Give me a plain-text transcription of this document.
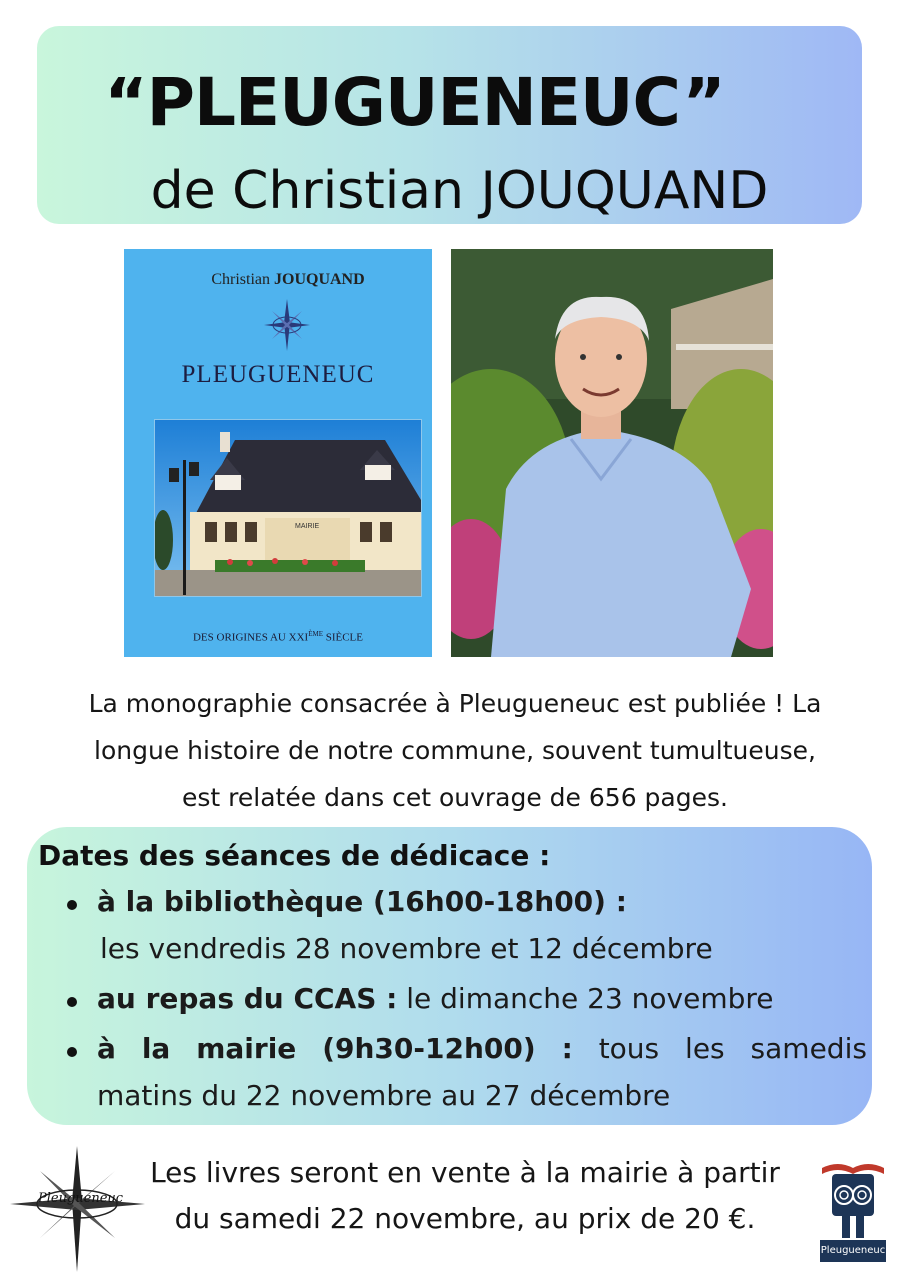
“PLEUGUENEUC”
de Christian JOUQUAND
Christian JOUQUAND
PLEUGUENEUC
MAIRIE
DES ORIGINES AU XXIÈME SIÈCLE
La monographie consacrée à Pleugueneuc est publiée ! La
longue histoire de notre commune, souvent tumultueuse,
est relatée dans cet ouvrage de 656 pages.
Dates des séances de dédicace :
à la bibliothèque (16h00-18h00) :
les vendredis 28 novembre et 12 décembre
au repas du CCAS : le dimanche 23 novembre
à la mairie (9h30-12h00) : tous les samedis
matins du 22 novembre au 27 décembre
Les livres seront en vente à la mairie à partir
du samedi 22 novembre, au prix de 20 €.
Pleugueneuc
Pleugueneuc
